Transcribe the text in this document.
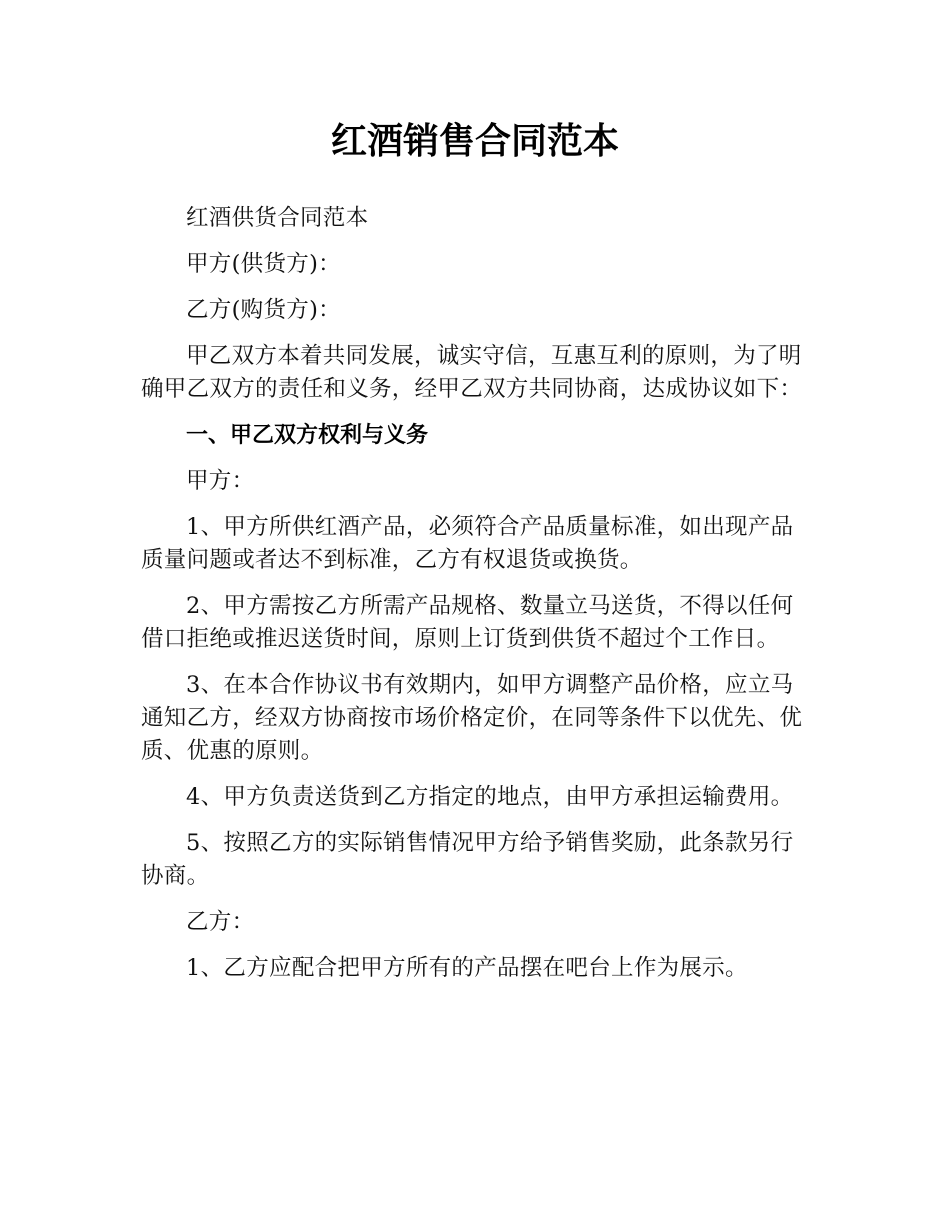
红酒销售合同范本

红酒供货合同范本

甲方(供货方)：

乙方(购货方)：

甲乙双方本着共同发展，诚实守信，互惠互利的原则，为了明确甲乙双方的责任和义务，经甲乙双方共同协商，达成协议如下：

一、甲乙双方权利与义务

甲方：

1、甲方所供红酒产品，必须符合产品质量标准，如出现产品质量问题或者达不到标准，乙方有权退货或换货。

2、甲方需按乙方所需产品规格、数量立马送货，不得以任何借口拒绝或推迟送货时间，原则上订货到供货不超过个工作日。

3、在本合作协议书有效期内，如甲方调整产品价格，应立马通知乙方，经双方协商按市场价格定价，在同等条件下以优先、优质、优惠的原则。

4、甲方负责送货到乙方指定的地点，由甲方承担运输费用。

5、按照乙方的实际销售情况甲方给予销售奖励，此条款另行协商。

乙方：

1、乙方应配合把甲方所有的产品摆在吧台上作为展示。
